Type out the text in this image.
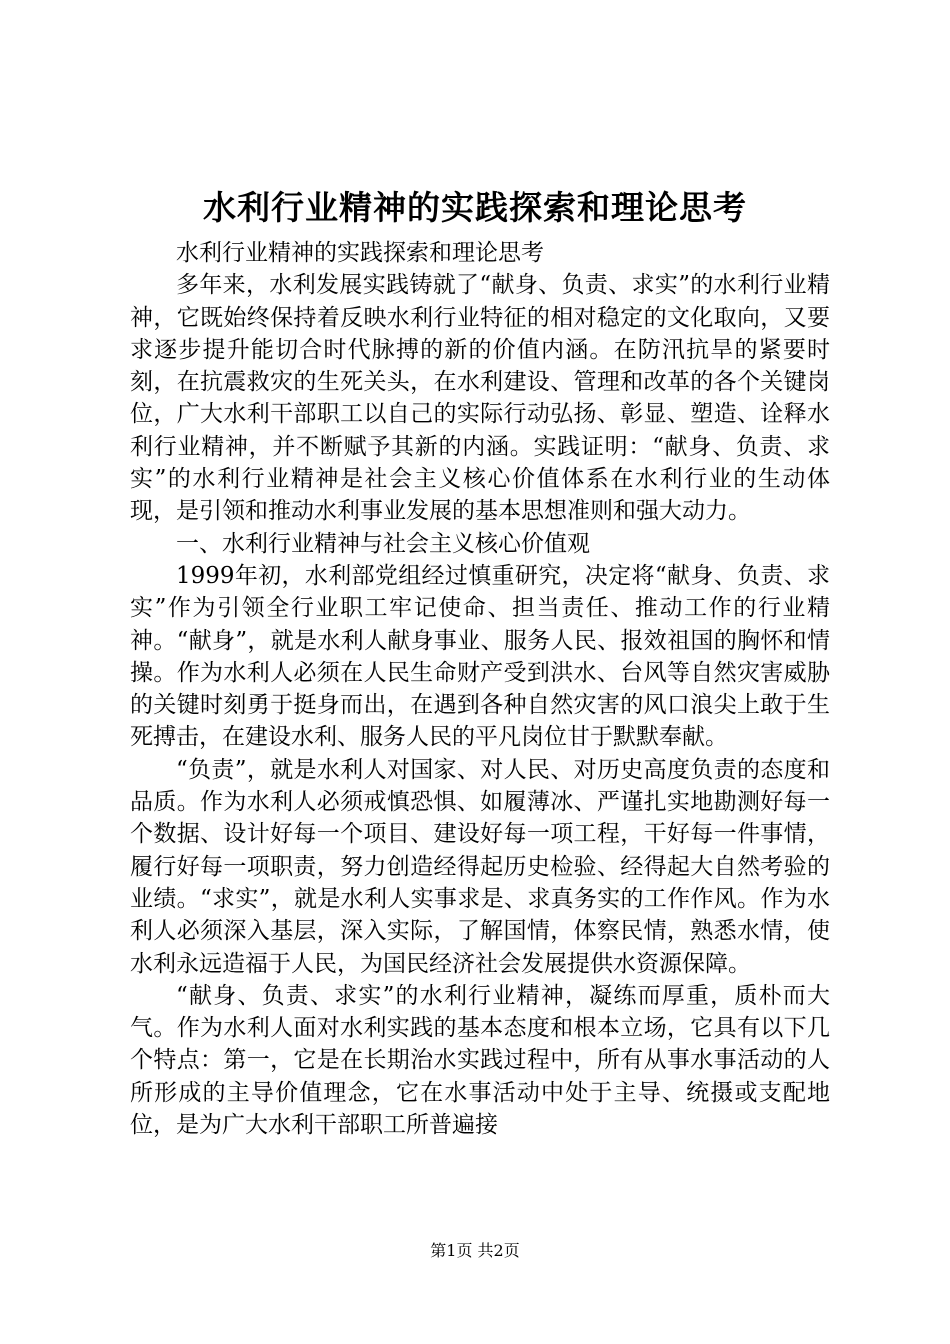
水利行业精神的实践探索和理论思考

水利行业精神的实践探索和理论思考

多年来，水利发展实践铸就了“献身、负责、求实”的水利行业精神，它既始终保持着反映水利行业特征的相对稳定的文化取向，又要求逐步提升能切合时代脉搏的新的价值内涵。在防汛抗旱的紧要时刻，在抗震救灾的生死关头，在水利建设、管理和改革的各个关键岗位，广大水利干部职工以自己的实际行动弘扬、彰显、塑造、诠释水利行业精神，并不断赋予其新的内涵。实践证明：“献身、负责、求实”的水利行业精神是社会主义核心价值体系在水利行业的生动体现，是引领和推动水利事业发展的基本思想准则和强大动力。

一、水利行业精神与社会主义核心价值观

1999年初，水利部党组经过慎重研究，决定将“献身、负责、求实”作为引领全行业职工牢记使命、担当责任、推动工作的行业精神。“献身”，就是水利人献身事业、服务人民、报效祖国的胸怀和情操。作为水利人必须在人民生命财产受到洪水、台风等自然灾害威胁的关键时刻勇于挺身而出，在遇到各种自然灾害的风口浪尖上敢于生死搏击，在建设水利、服务人民的平凡岗位甘于默默奉献。

“负责”，就是水利人对国家、对人民、对历史高度负责的态度和品质。作为水利人必须戒慎恐惧、如履薄冰、严谨扎实地勘测好每一个数据、设计好每一个项目、建设好每一项工程，干好每一件事情，履行好每一项职责，努力创造经得起历史检验、经得起大自然考验的业绩。“求实”，就是水利人实事求是、求真务实的工作作风。作为水利人必须深入基层，深入实际，了解国情，体察民情，熟悉水情，使水利永远造福于人民，为国民经济社会发展提供水资源保障。

“献身、负责、求实”的水利行业精神，凝练而厚重，质朴而大气。作为水利人面对水利实践的基本态度和根本立场，它具有以下几个特点：第一，它是在长期治水实践过程中，所有从事水事活动的人所形成的主导价值理念，它在水事活动中处于主导、统摄或支配地位，是为广大水利干部职工所普遍接

第1页 共2页
